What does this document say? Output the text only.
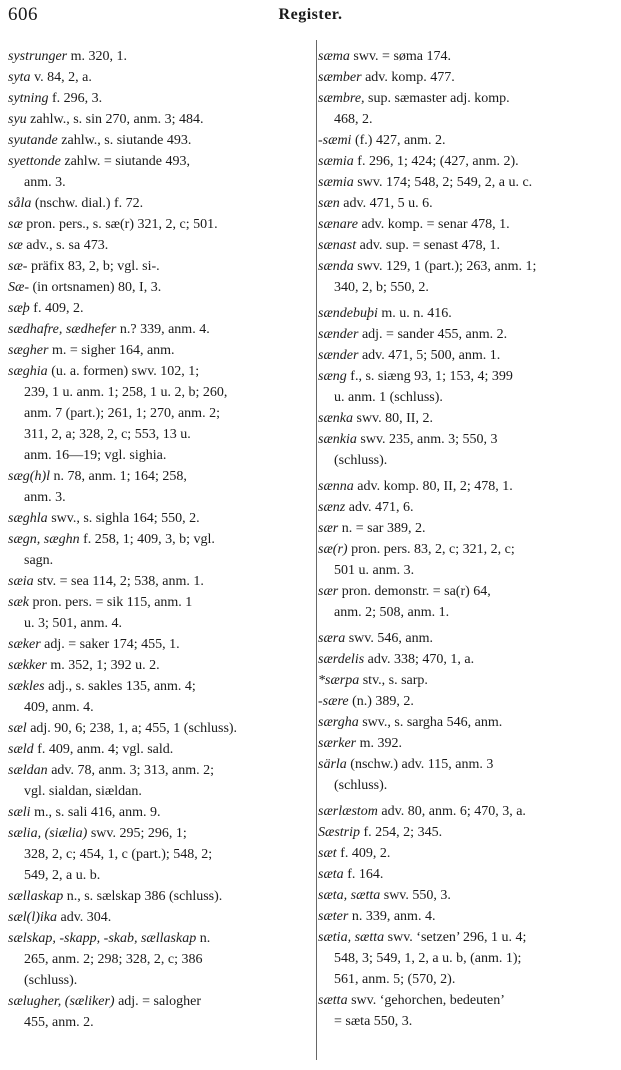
606	Register.
systrunger m. 320, 1.
syta v. 84, 2, a.
sytning f. 296, 3.
syu zahlw., s. sin 270, anm. 3; 484.
syutande zahlw., s. siutande 493.
syettonde zahlw. = siutande 493,
anm. 3.
såla (nschw. dial.) f. 72.
sæ pron. pers., s. sæ(r) 321, 2, c; 501.
sæ adv., s. sa 473.
sæ- präfix 83, 2, b; vgl. si-.
Sæ- (in ortsnamen) 80, I, 3.
sæþ f. 409, 2.
sædhafre, sædhefer n.? 339, anm. 4.
sægher m. = sigher 164, anm.
sæghia (u. a. formen) swv. 102, 1;
239, 1 u. anm. 1; 258, 1 u. 2, b; 260,
anm. 7 (part.); 261, 1; 270, anm. 2;
311, 2, a; 328, 2, c; 553, 13 u.
anm. 16—19; vgl. sighia.
sæg(h)l n. 78, anm. 1; 164; 258,
anm. 3.
sæghla swv., s. sighla 164; 550, 2.
sægn, sæghn f. 258, 1; 409, 3, b; vgl.
sagn.
sæia stv. = sea 114, 2; 538, anm. 1.
sæk pron. pers. = sik 115, anm. 1
u. 3; 501, anm. 4.
sæker adj. = saker 174; 455, 1.
sækker m. 352, 1; 392 u. 2.
sækles adj., s. sakles 135, anm. 4;
409, anm. 4.
sæl adj. 90, 6; 238, 1, a; 455, 1 (schluss).
sæld f. 409, anm. 4; vgl. sald.
sældan adv. 78, anm. 3; 313, anm. 2;
vgl. sialdan, siældan.
sæli m., s. sali 416, anm. 9.
sælia, (siælia) swv. 295; 296, 1;
328, 2, c; 454, 1, c (part.); 548, 2;
549, 2, a u. b.
sællaskap n., s. sælskap 386 (schluss).
sæl(l)ika adv. 304.
sælskap, -skapp, -skab, sællaskap n.
265, anm. 2; 298; 328, 2, c; 386
(schluss).
sælugher, (sæliker) adj. = salogher
455, anm. 2.
sæma swv. = søma 174.
sæmber adv. komp. 477.
sæmbre, sup. sæmaster adj. komp.
468, 2.
-sæmi (f.) 427, anm. 2.
sæmia f. 296, 1; 424; (427, anm. 2).
sæmia swv. 174; 548, 2; 549, 2, a u. c.
sæn adv. 471, 5 u. 6.
sænare adv. komp. = senar 478, 1.
sænast adv. sup. = senast 478, 1.
sænda swv. 129, 1 (part.); 263, anm. 1;
340, 2, b; 550, 2.
sændebuþi m. u. n. 416.
sænder adj. = sander 455, anm. 2.
sænder adv. 471, 5; 500, anm. 1.
sæng f., s. siæng 93, 1; 153, 4; 399
u. anm. 1 (schluss).
sænka swv. 80, II, 2.
sænkia swv. 235, anm. 3; 550, 3
(schluss).
sænna adv. komp. 80, II, 2; 478, 1.
sænz adv. 471, 6.
sær n. = sar 389, 2.
sæ(r) pron. pers. 83, 2, c; 321, 2, c;
501 u. anm. 3.
sær pron. demonstr. = sa(r) 64,
anm. 2; 508, anm. 1.
særa swv. 546, anm.
særdelis adv. 338; 470, 1, a.
*særpa stv., s. sarp.
-sære (n.) 389, 2.
særgha swv., s. sargha 546, anm.
særker m. 392.
särla (nschw.) adv. 115, anm. 3
(schluss).
særlæstom adv. 80, anm. 6; 470, 3, a.
Sæstrip f. 254, 2; 345.
sæt f. 409, 2.
sæta f. 164.
sæta, sætta swv. 550, 3.
sæter n. 339, anm. 4.
sætia, sætta swv. ‘setzen’ 296, 1 u. 4;
548, 3; 549, 1, 2, a u. b, (anm. 1);
561, anm. 5; (570, 2).
sætta swv. ‘gehorchen, bedeuten’
= sæta 550, 3.
